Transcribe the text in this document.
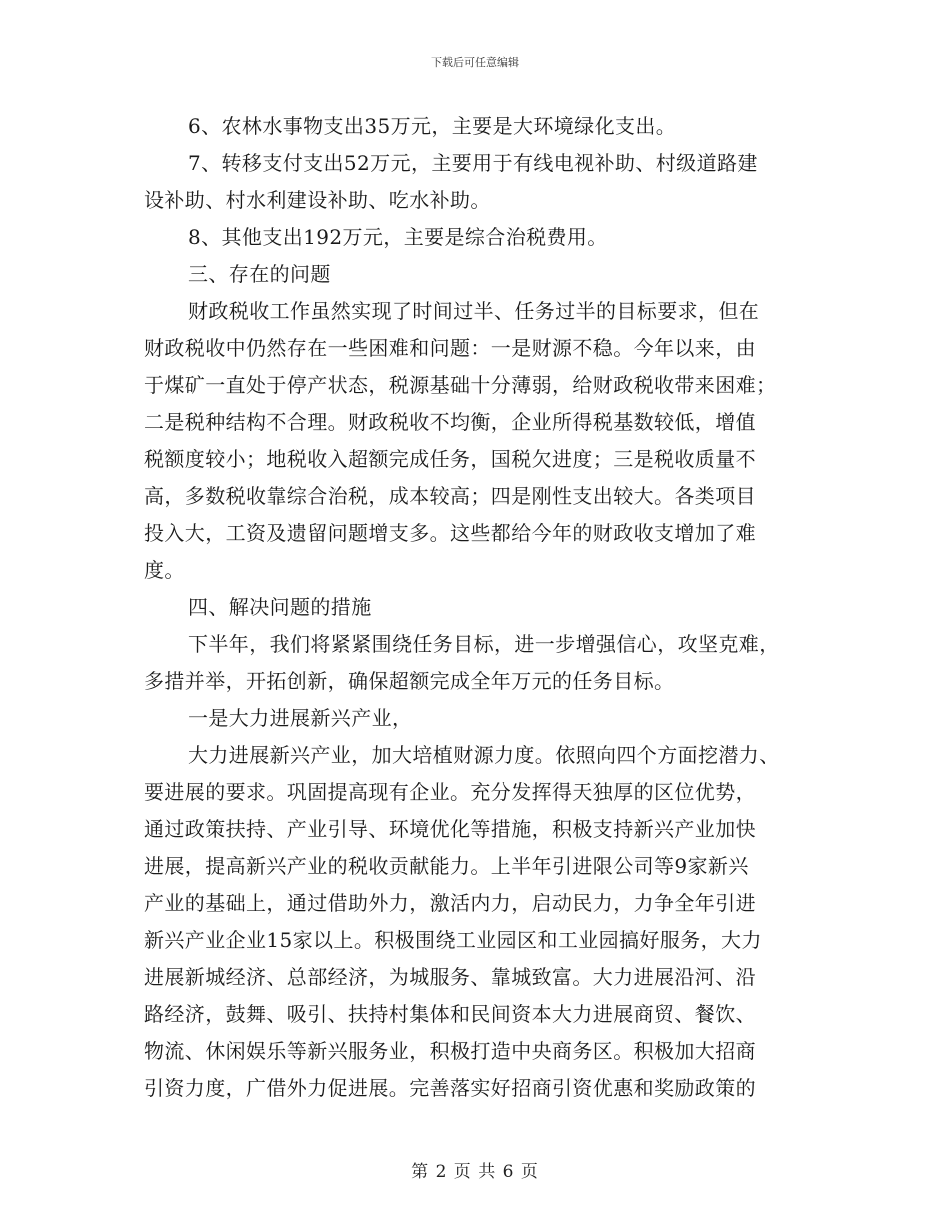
下载后可任意编辑
6、农林水事物支出35万元，主要是大环境绿化支出。
7、转移支付支出52万元，主要用于有线电视补助、村级道路建
设补助、村水利建设补助、吃水补助。
8、其他支出192万元，主要是综合治税费用。
三、存在的问题
财政税收工作虽然实现了时间过半、任务过半的目标要求，但在
财政税收中仍然存在一些困难和问题：一是财源不稳。今年以来，由
于煤矿一直处于停产状态，税源基础十分薄弱，给财政税收带来困难；
二是税种结构不合理。财政税收不均衡，企业所得税基数较低，增值
税额度较小；地税收入超额完成任务，国税欠进度；三是税收质量不
高，多数税收靠综合治税，成本较高；四是刚性支出较大。各类项目
投入大，工资及遗留问题增支多。这些都给今年的财政收支增加了难
度。
四、解决问题的措施
下半年，我们将紧紧围绕任务目标，进一步增强信心，攻坚克难，
多措并举，开拓创新，确保超额完成全年万元的任务目标。
一是大力进展新兴产业，
大力进展新兴产业，加大培植财源力度。依照向四个方面挖潜力、
要进展的要求。巩固提高现有企业。充分发挥得天独厚的区位优势，
通过政策扶持、产业引导、环境优化等措施，积极支持新兴产业加快
进展，提高新兴产业的税收贡献能力。上半年引进限公司等9家新兴
产业的基础上，通过借助外力，激活内力，启动民力，力争全年引进
新兴产业企业15家以上。积极围绕工业园区和工业园搞好服务，大力
进展新城经济、总部经济，为城服务、靠城致富。大力进展沿河、沿
路经济，鼓舞、吸引、扶持村集体和民间资本大力进展商贸、餐饮、
物流、休闲娱乐等新兴服务业，积极打造中央商务区。积极加大招商
引资力度，广借外力促进展。完善落实好招商引资优惠和奖励政策的
第 2 页 共 6 页
